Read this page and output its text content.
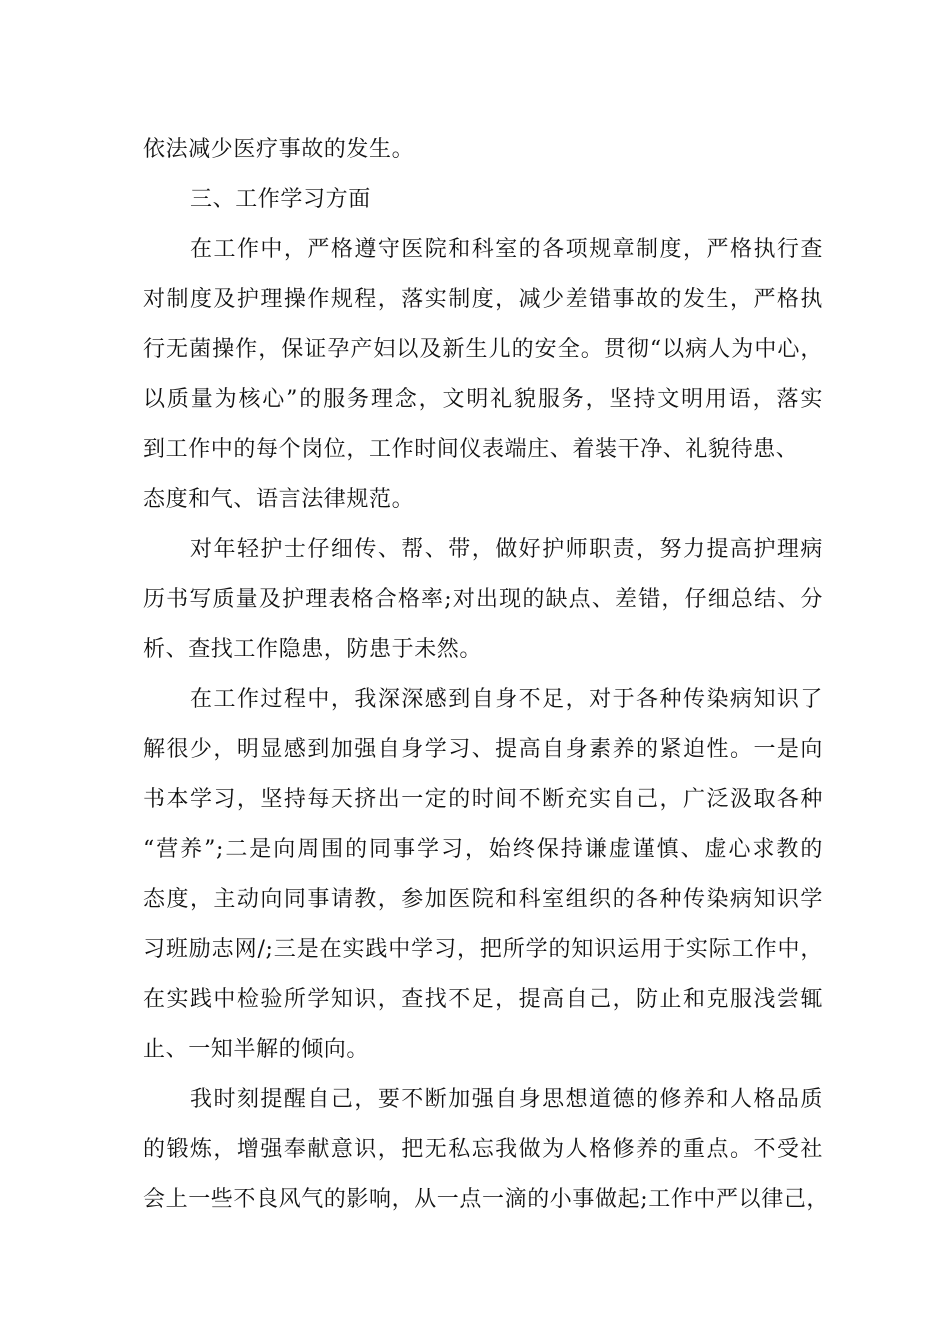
依法减少医疗事故的发生。
三、工作学习方面
在工作中，严格遵守医院和科室的各项规章制度，严格执行查
对制度及护理操作规程，落实制度，减少差错事故的发生，严格执
行无菌操作，保证孕产妇以及新生儿的安全。贯彻“以病人为中心，
以质量为核心”的服务理念，文明礼貌服务，坚持文明用语，落实
到工作中的每个岗位，工作时间仪表端庄、着装干净、礼貌待患、
态度和气、语言法律规范。
对年轻护士仔细传、帮、带，做好护师职责，努力提高护理病
历书写质量及护理表格合格率;对出现的缺点、差错，仔细总结、分
析、查找工作隐患，防患于未然。
在工作过程中，我深深感到自身不足，对于各种传染病知识了
解很少，明显感到加强自身学习、提高自身素养的紧迫性。一是向
书本学习，坚持每天挤出一定的时间不断充实自己，广泛汲取各种
“营养”;二是向周围的同事学习，始终保持谦虚谨慎、虚心求教的
态度，主动向同事请教，参加医院和科室组织的各种传染病知识学
习班励志网/;三是在实践中学习，把所学的知识运用于实际工作中，
在实践中检验所学知识，查找不足，提高自己，防止和克服浅尝辄
止、一知半解的倾向。
我时刻提醒自己，要不断加强自身思想道德的修养和人格品质
的锻炼，增强奉献意识，把无私忘我做为人格修养的重点。不受社
会上一些不良风气的影响，从一点一滴的小事做起;工作中严以律己，
